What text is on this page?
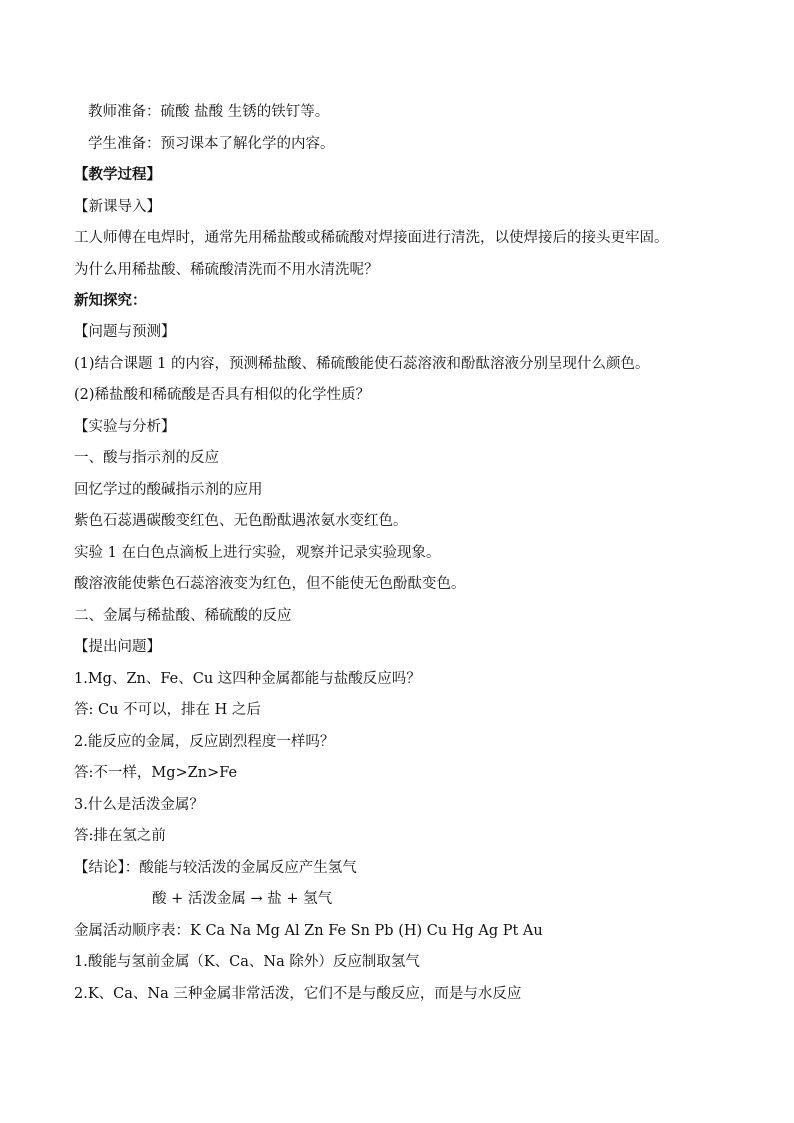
教师准备：硫酸 盐酸 生锈的铁钉等。
学生准备：预习课本了解化学的内容。
【教学过程】
【新课导入】
工人师傅在电焊时，通常先用稀盐酸或稀硫酸对焊接面进行清洗，以使焊接后的接头更牢固。
为什么用稀盐酸、稀硫酸清洗而不用水清洗呢？
新知探究：
【问题与预测】
(1)结合课题 1 的内容，预测稀盐酸、稀硫酸能使石蕊溶液和酚酞溶液分别呈现什么颜色。
(2)稀盐酸和稀硫酸是否具有相似的化学性质？
【实验与分析】
一、酸与指示剂的反应
回忆学过的酸碱指示剂的应用
紫色石蕊遇碳酸变红色、无色酚酞遇浓氨水变红色。
实验 1 在白色点滴板上进行实验，观察并记录实验现象。
酸溶液能使紫色石蕊溶液变为红色，但不能使无色酚酞变色。
二、金属与稀盐酸、稀硫酸的反应
【提出问题】
1.Mg、Zn、Fe、Cu 这四种金属都能与盐酸反应吗？
答: Cu 不可以，排在 H 之后
2.能反应的金属，反应剧烈程度一样吗？
答:不一样，Mg>Zn>Fe
3.什么是活泼金属？
答:排在氢之前
【结论】：酸能与较活泼的金属反应产生氢气
酸 + 活泼金属 → 盐 + 氢气
金属活动顺序表：K Ca Na Mg Al Zn Fe Sn Pb (H) Cu Hg Ag Pt Au
1.酸能与氢前金属（K、Ca、Na 除外）反应制取氢气
2.K、Ca、Na 三种金属非常活泼，它们不是与酸反应，而是与水反应
